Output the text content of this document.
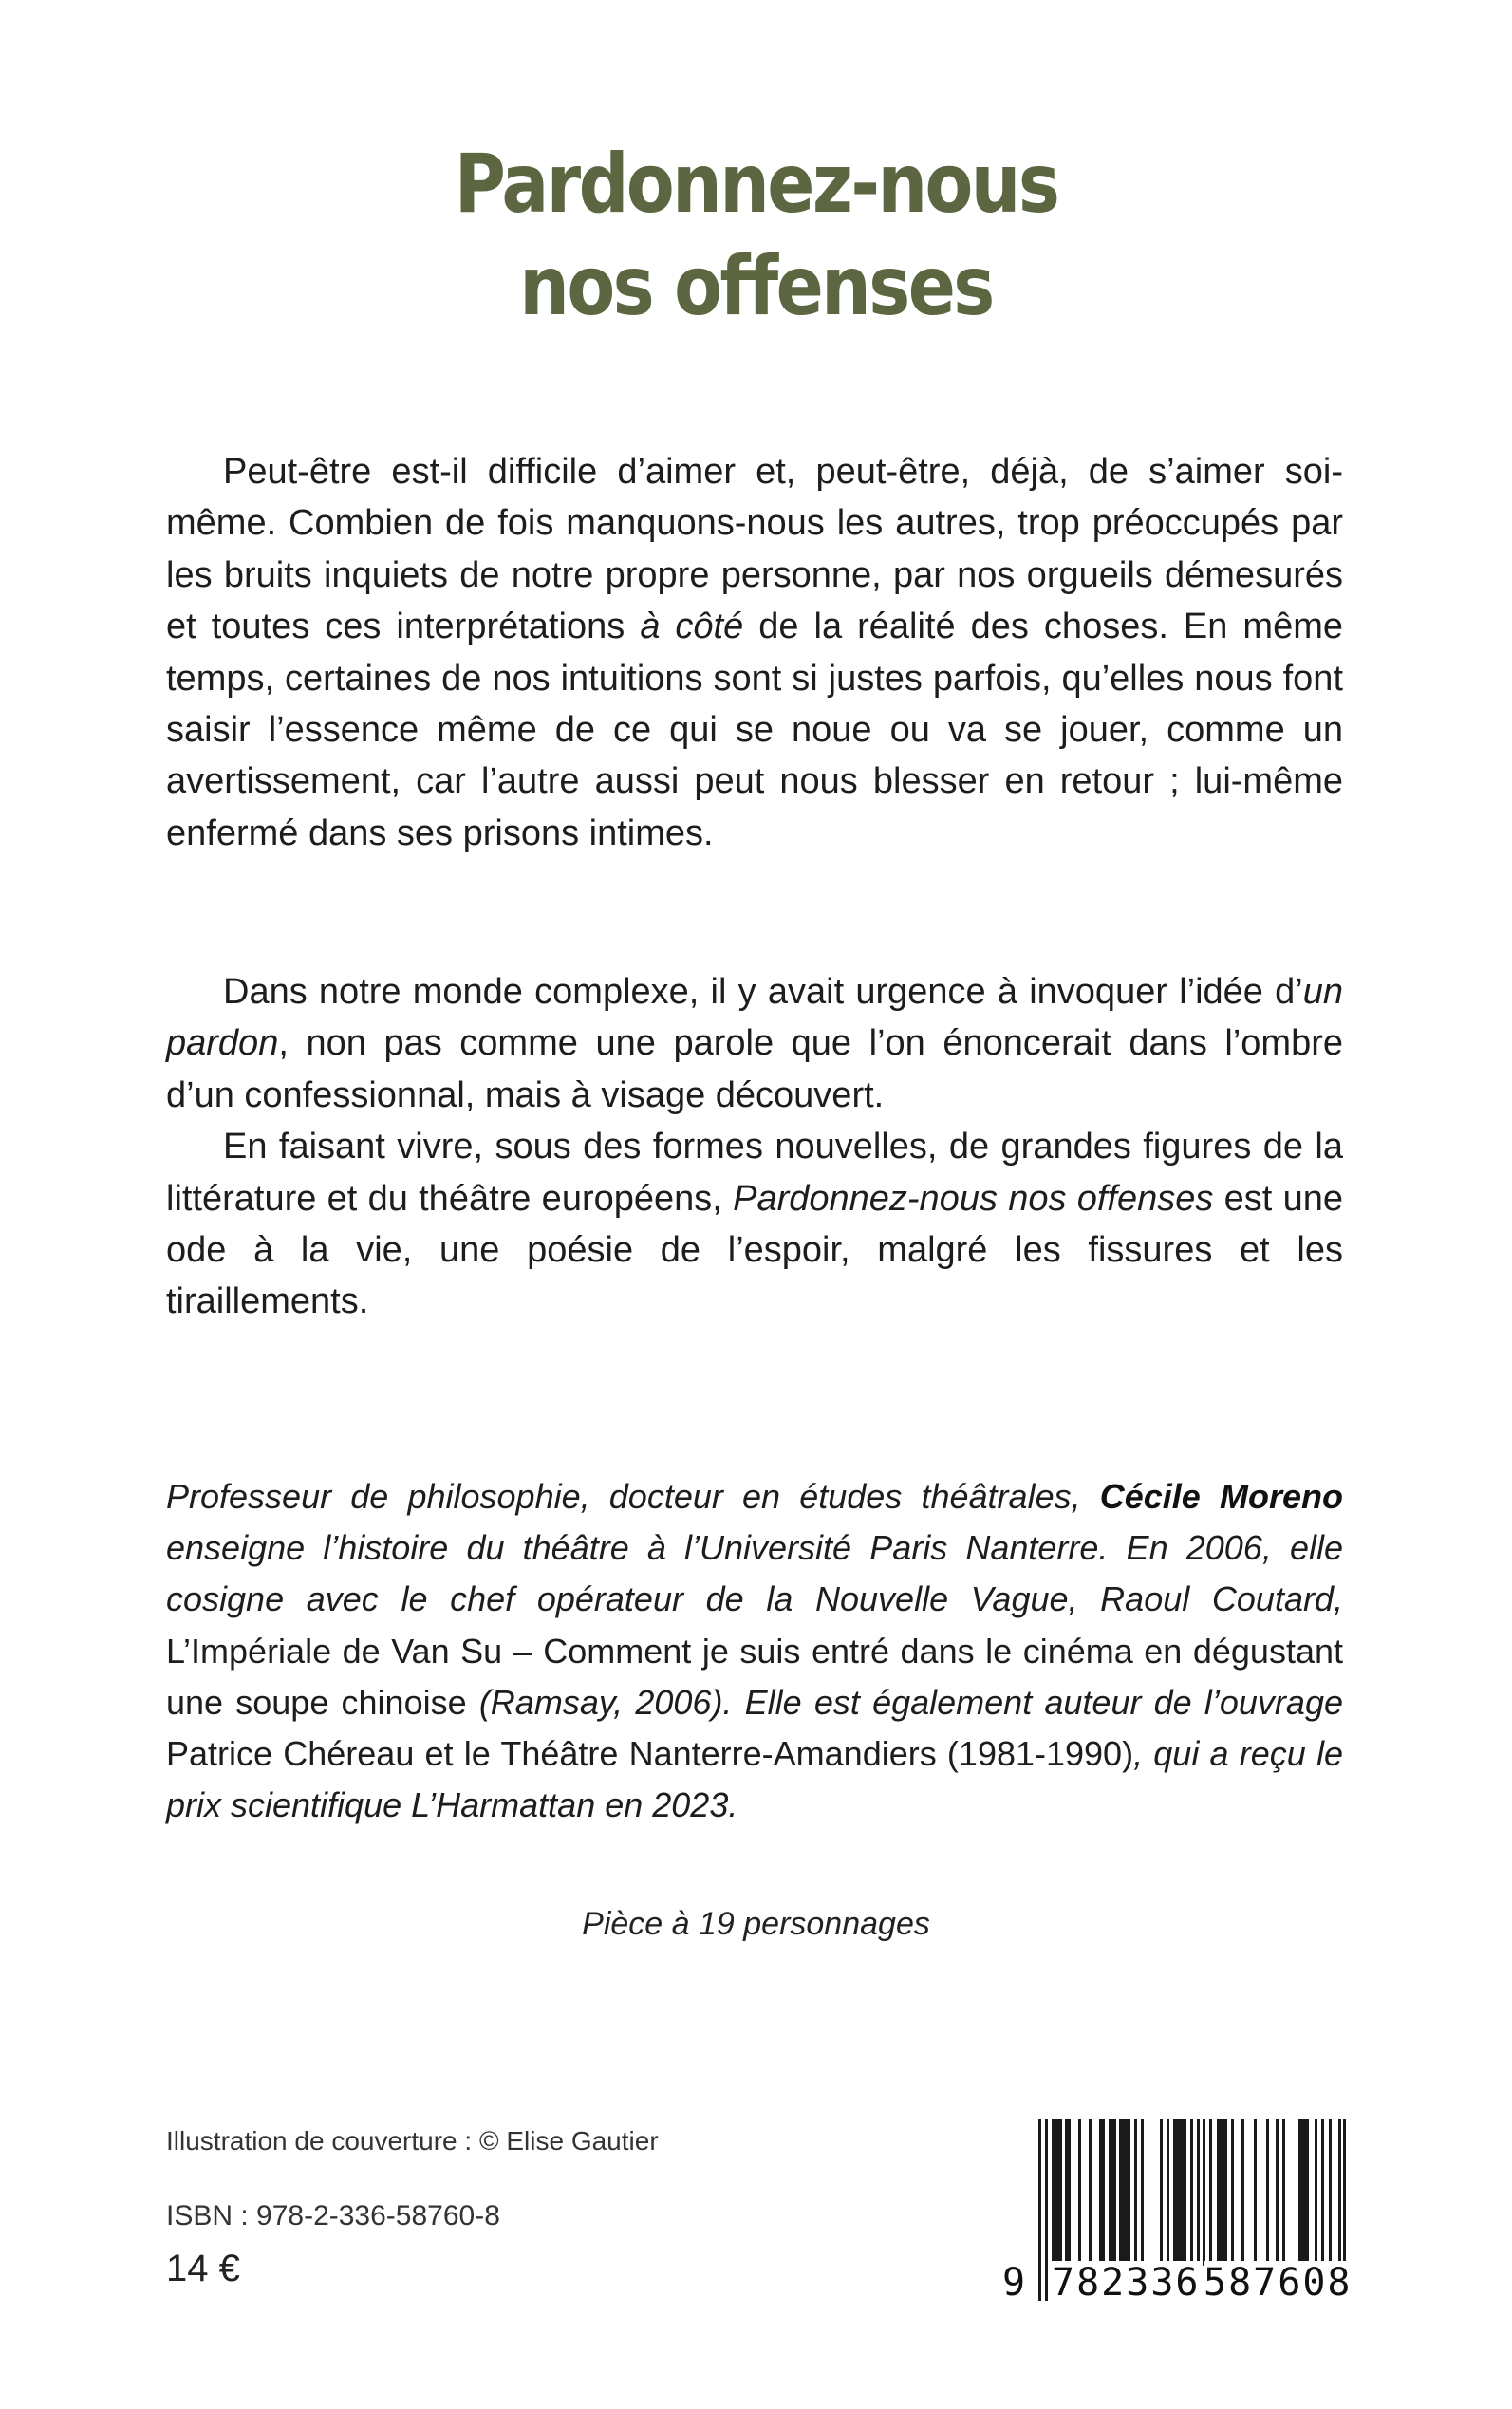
Pardonnez-nous
nos offenses

Peut-être est-il difficile d’aimer et, peut-être, déjà, de s’aimer soi-même. Combien de fois manquons-nous les autres, trop préoccupés par les bruits inquiets de notre propre personne, par nos orgueils démesurés et toutes ces interprétations à côté de la réalité des choses. En même temps, certaines de nos intuitions sont si justes parfois, qu’elles nous font saisir l’essence même de ce qui se noue ou va se jouer, comme un avertissement, car l’autre aussi peut nous blesser en retour ; lui-même enfermé dans ses prisons intimes.

Dans notre monde complexe, il y avait urgence à invoquer l’idée d’un pardon, non pas comme une parole que l’on énoncerait dans l’ombre d’un confessionnal, mais à visage découvert.

En faisant vivre, sous des formes nouvelles, de grandes figures de la littérature et du théâtre européens, Pardonnez-nous nos offenses est une ode à la vie, une poésie de l’espoir, malgré les fissures et les tiraillements.

Professeur de philosophie, docteur en études théâtrales, Cécile Moreno enseigne l’histoire du théâtre à l’Université Paris Nanterre. En 2006, elle cosigne avec le chef opérateur de la Nouvelle Vague, Raoul Coutard, L’Impériale de Van Su – Comment je suis entré dans le cinéma en dégustant une soupe chinoise (Ramsay, 2006). Elle est également auteur de l’ouvrage Patrice Chéreau et le Théâtre Nanterre-Amandiers (1981-1990), qui a reçu le prix scientifique L’Harmattan en 2023.

Pièce à 19 personnages
Illustration de couverture : © Elise Gautier
ISBN : 978-2-336-58760-8
14 €	9 782336 587608
